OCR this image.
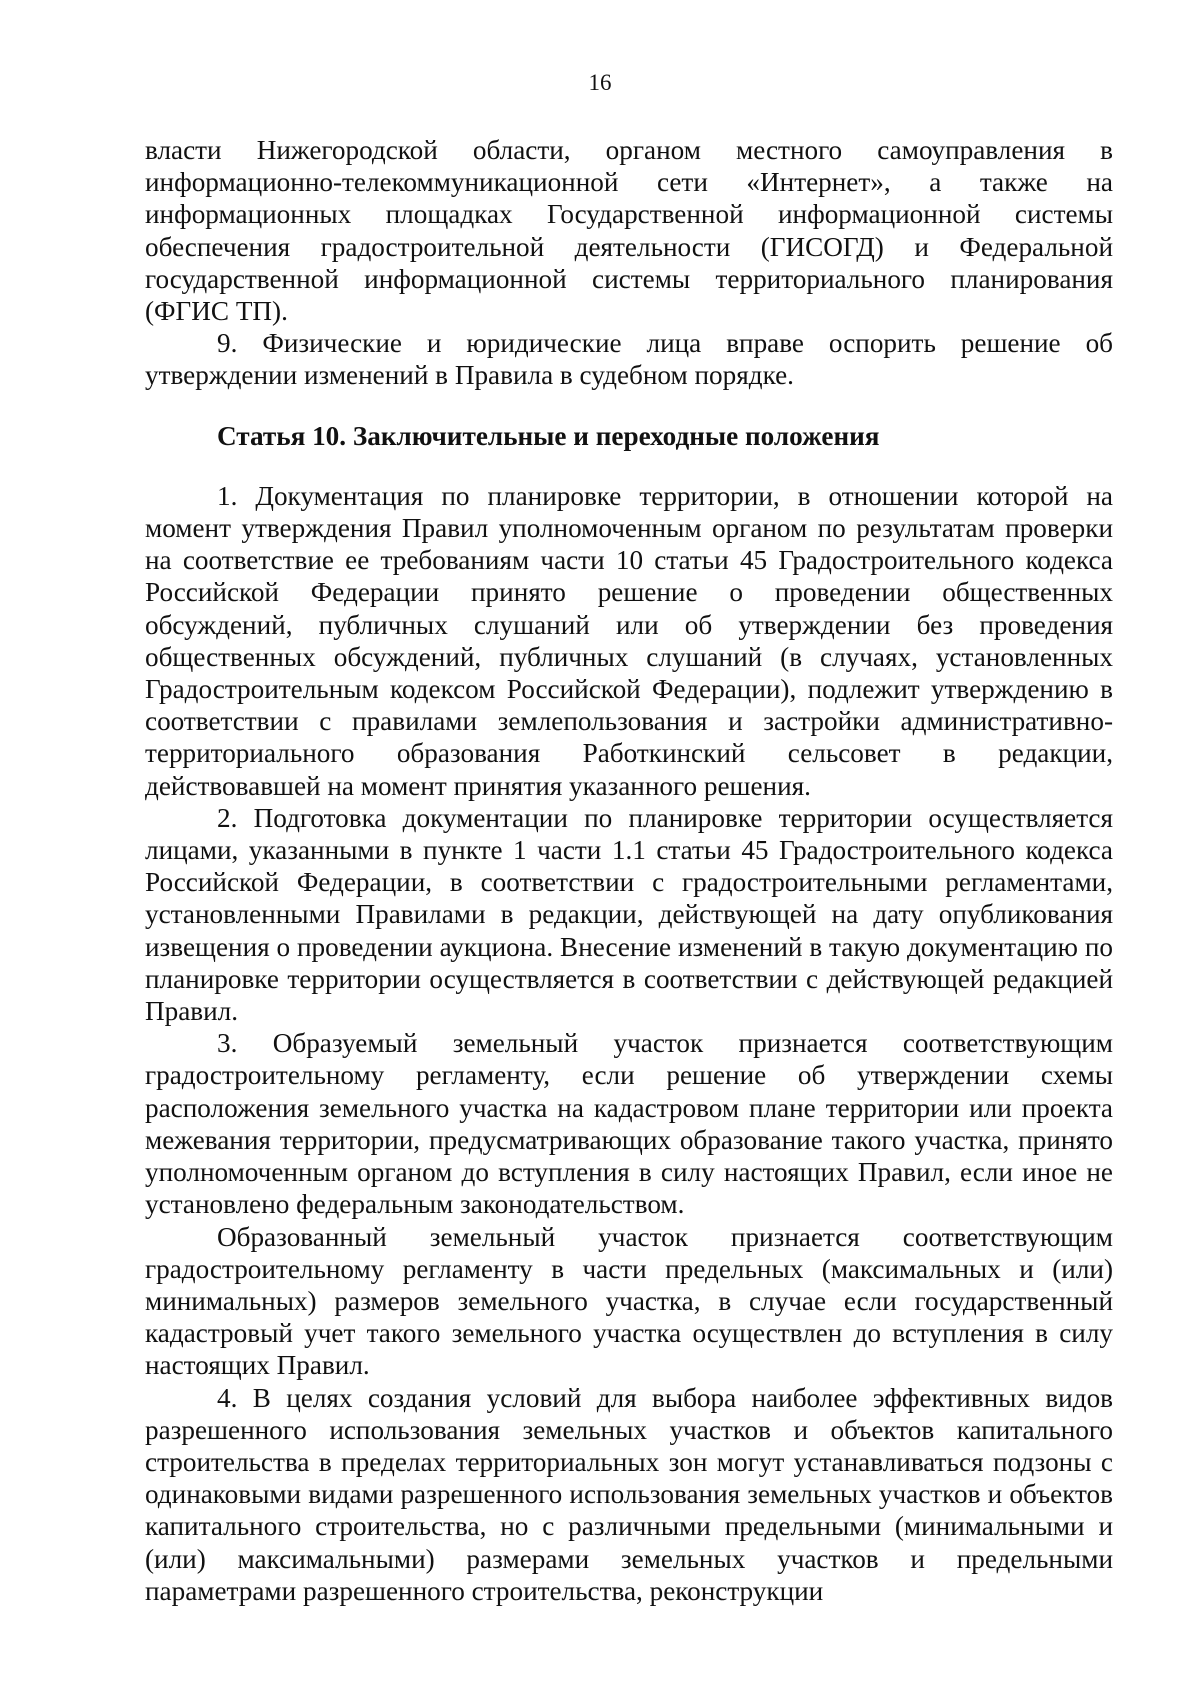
16

власти Нижегородской области, органом местного самоуправления в информационно-телекоммуникационной сети «Интернет», а также на информационных площадках Государственной информационной системы обеспечения градостроительной деятельности (ГИСОГД) и Федеральной государственной информационной системы территориального планирования (ФГИС ТП).

9. Физические и юридические лица вправе оспорить решение об утверждении изменений в Правила в судебном порядке.

Статья 10. Заключительные и переходные положения

1. Документация по планировке территории, в отношении которой на момент утверждения Правил уполномоченным органом по результатам проверки на соответствие ее требованиям части 10 статьи 45 Градостроительного кодекса Российской Федерации принято решение о проведении общественных обсуждений, публичных слушаний или об утверждении без проведения общественных обсуждений, публичных слушаний (в случаях, установленных Градостроительным кодексом Российской Федерации), подлежит утверждению в соответствии с правилами землепользования и застройки административно-территориального образования Работкинский сельсовет в редакции, действовавшей на момент принятия указанного решения.

2. Подготовка документации по планировке территории осуществляется лицами, указанными в пункте 1 части 1.1 статьи 45 Градостроительного кодекса Российской Федерации, в соответствии с градостроительными регламентами, установленными Правилами в редакции, действующей на дату опубликования извещения о проведении аукциона. Внесение изменений в такую документацию по планировке территории осуществляется в соответствии с действующей редакцией Правил.

3. Образуемый земельный участок признается соответствующим градостроительному регламенту, если решение об утверждении схемы расположения земельного участка на кадастровом плане территории или проекта межевания территории, предусматривающих образование такого участка, принято уполномоченным органом до вступления в силу настоящих Правил, если иное не установлено федеральным законодательством.

Образованный земельный участок признается соответствующим градостроительному регламенту в части предельных (максимальных и (или) минимальных) размеров земельного участка, в случае если государственный кадастровый учет такого земельного участка осуществлен до вступления в силу настоящих Правил.

4. В целях создания условий для выбора наиболее эффективных видов разрешенного использования земельных участков и объектов капитального строительства в пределах территориальных зон могут устанавливаться подзоны с одинаковыми видами разрешенного использования земельных участков и объектов капитального строительства, но с различными предельными (минимальными и (или) максимальными) размерами земельных участков и предельными параметрами разрешенного строительства, реконструкции
